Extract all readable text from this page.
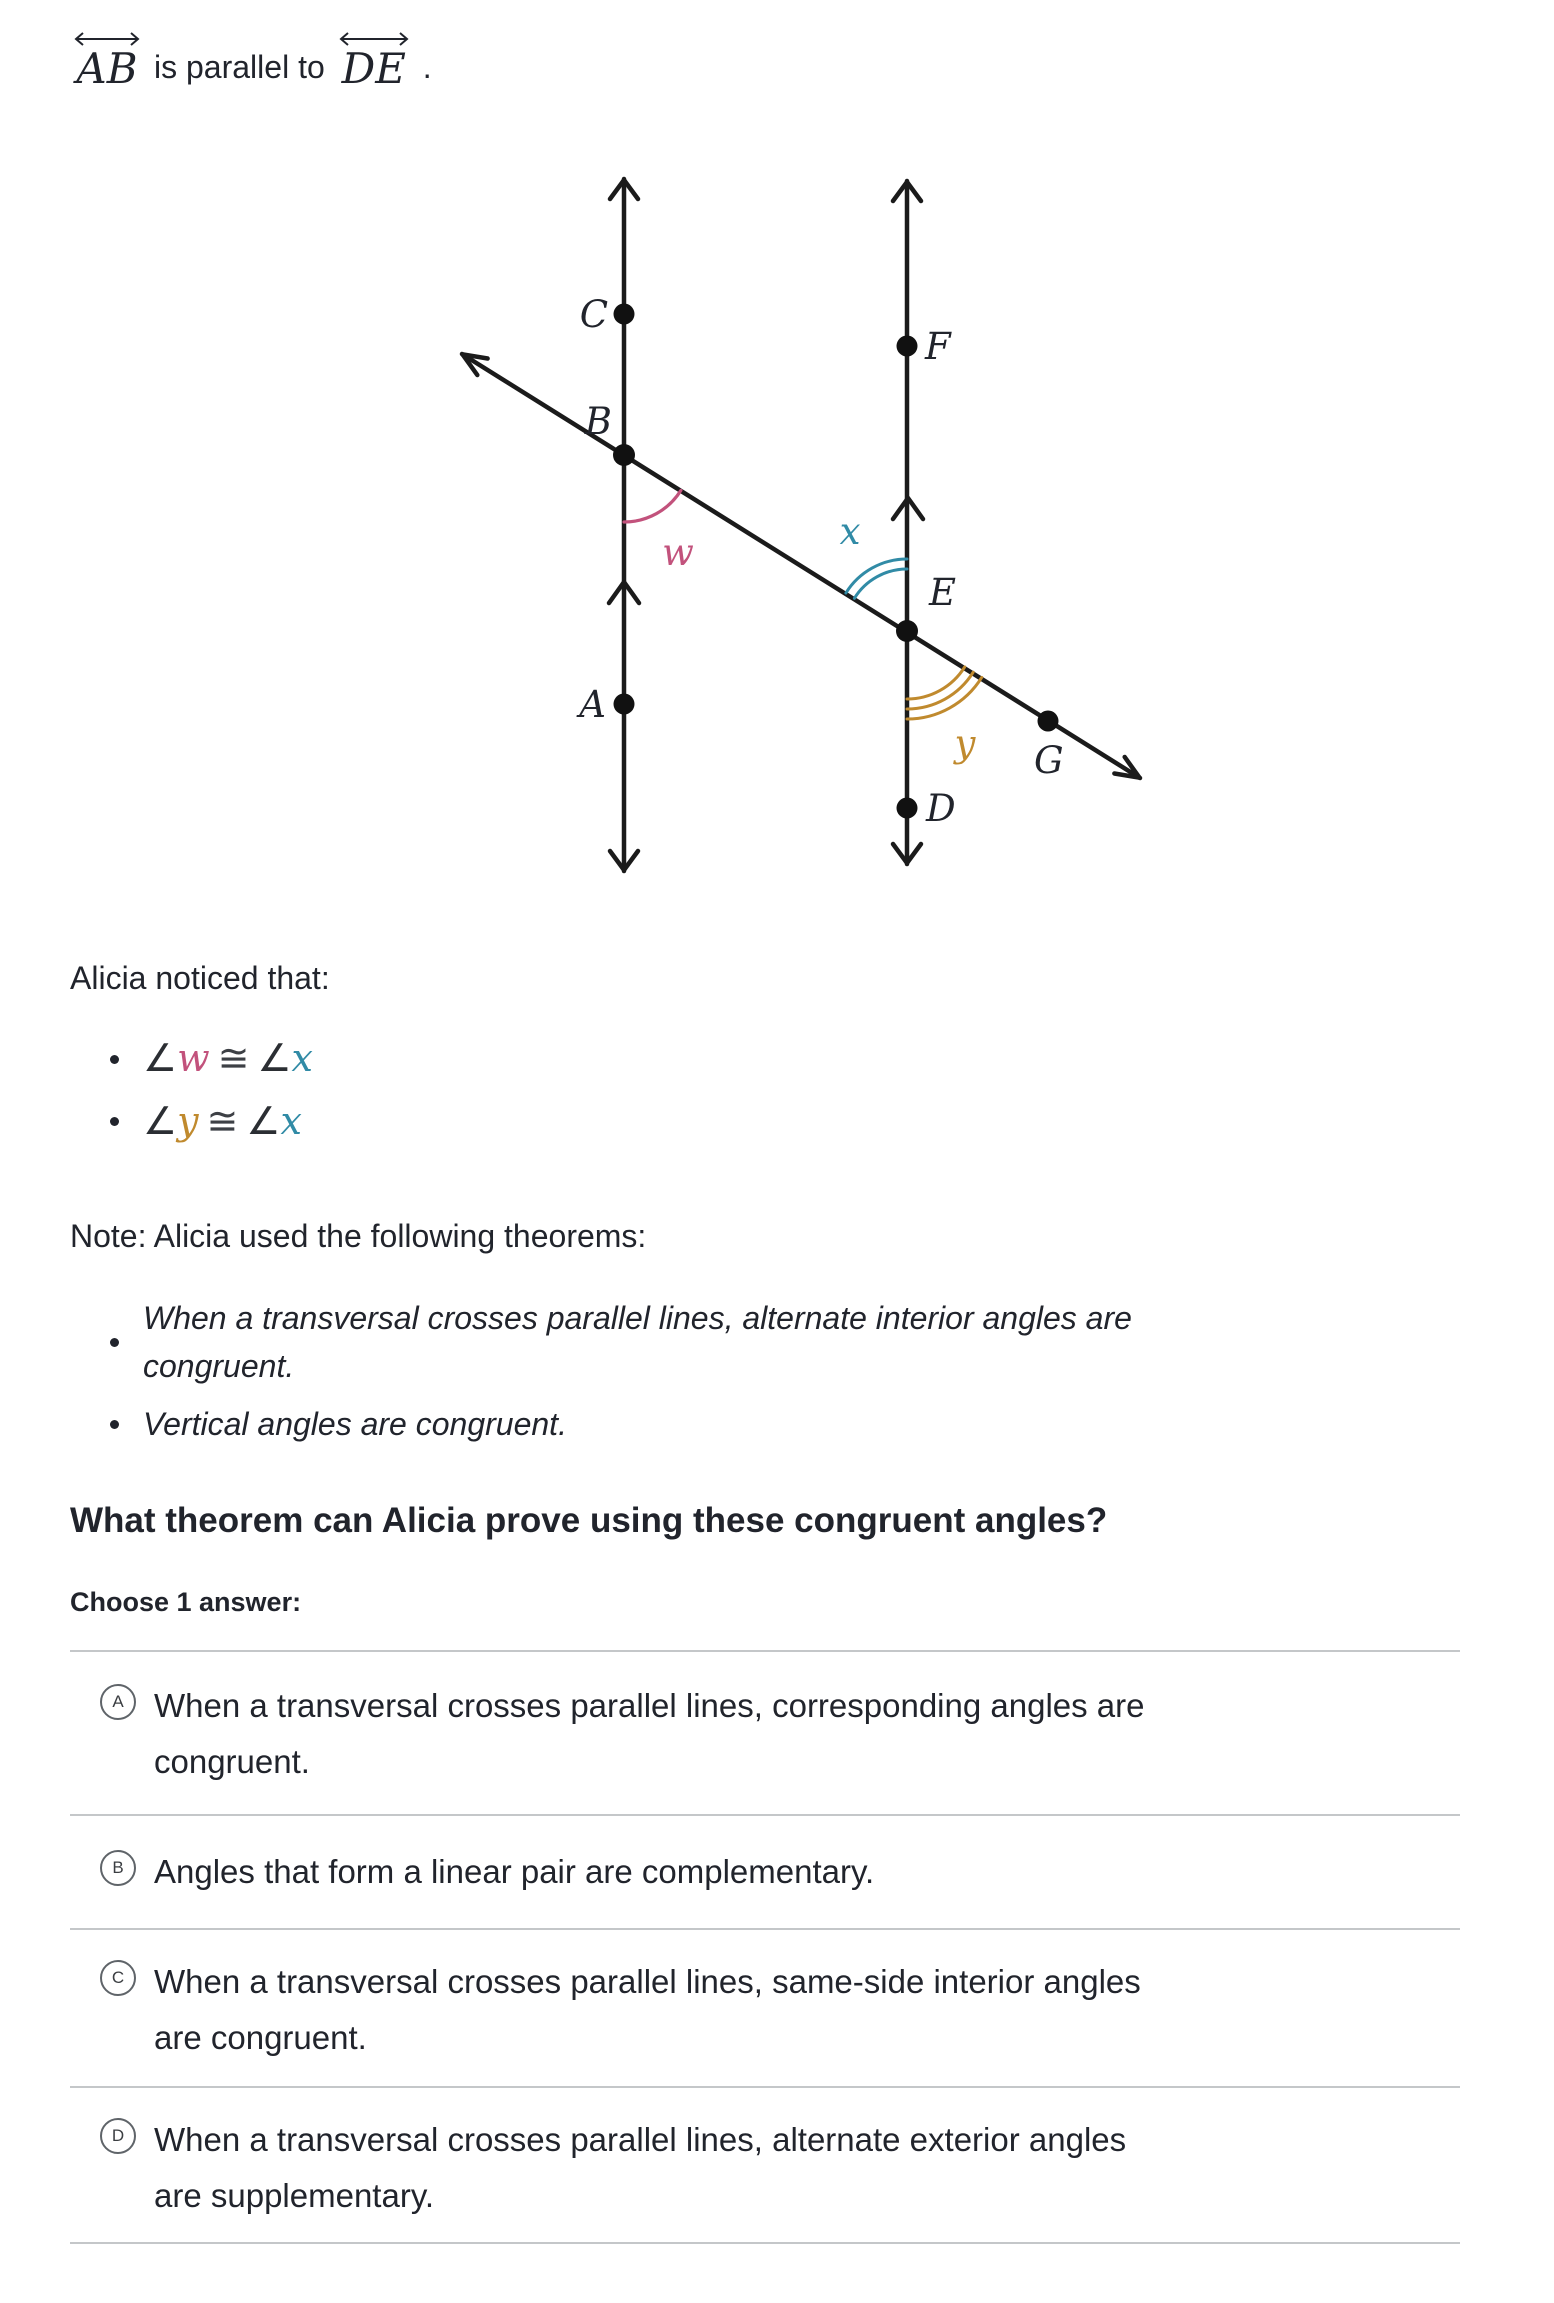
AB is parallel to DE .
C
B
A
F
E
D
G
w	x
y

Alicia noticed that:

∠w ≅ ∠x
∠y ≅ ∠x

Note: Alicia used the following theorems:

When a transversal crosses parallel lines, alternate interior angles are
congruent.
Vertical angles are congruent.

What theorem can Alicia prove using these congruent angles?

Choose 1 answer:

A When a transversal crosses parallel lines, corresponding angles are
congruent.
B Angles that form a linear pair are complementary.
C When a transversal crosses parallel lines, same-side interior angles
are congruent.
D When a transversal crosses parallel lines, alternate exterior angles
are supplementary.
